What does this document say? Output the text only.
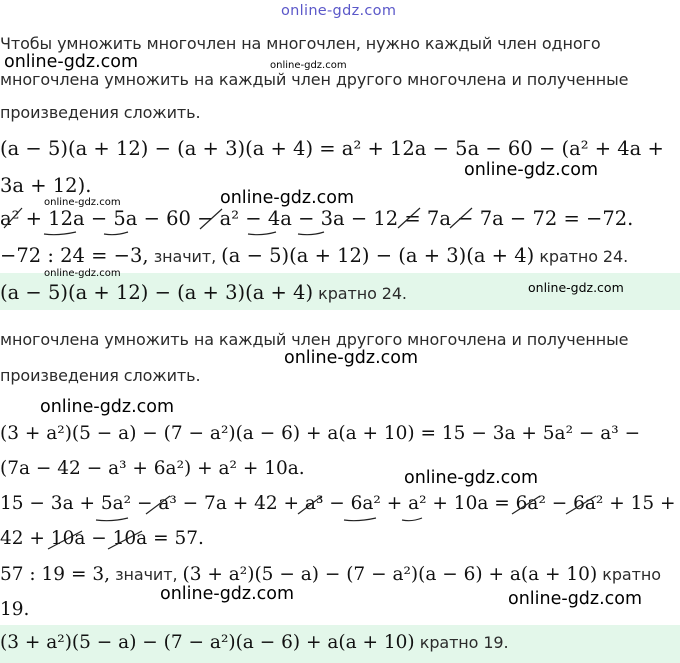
online-gdz.com
Чтобы умножить многочлен на многочлен, нужно каждый член одного
многочлена умножить на каждый член другого многочлена и полученные
произведения сложить.
(a − 5)(a + 12) − (a + 3)(a + 4) = a² + 12a − 5a − 60 − (a² + 4a +
3a + 12).
a² + 12a − 5a − 60 − a² − 4a − 3a − 12 = 7a − 7a − 72 = −72.
−72 : 24 = −3, значит, (a − 5)(a + 12) − (a + 3)(a + 4) кратно 24.
(a − 5)(a + 12) − (a + 3)(a + 4) кратно 24.
многочлена умножить на каждый член другого многочлена и полученные
произведения сложить.
(3 + a²)(5 − a) − (7 − a²)(a − 6) + a(a + 10) = 15 − 3a + 5a² − a³ −
(7a − 42 − a³ + 6a²) + a² + 10a.
15 − 3a + 5a² − a³ − 7a + 42 + a³ − 6a² + a² + 10a = 6a² − 6a² + 15 +
42 + 10a − 10a = 57.
57 : 19 = 3, значит, (3 + a²)(5 − a) − (7 − a²)(a − 6) + a(a + 10) кратно
19.
(3 + a²)(5 − a) − (7 − a²)(a − 6) + a(a + 10) кратно 19.
online-gdz.com	online-gdz.com
online-gdz.com
online-gdz.com
online-gdz.com
online-gdz.com
online-gdz.com
online-gdz.com
online-gdz.com
online-gdz.com
online-gdz.com	online-gdz.com
